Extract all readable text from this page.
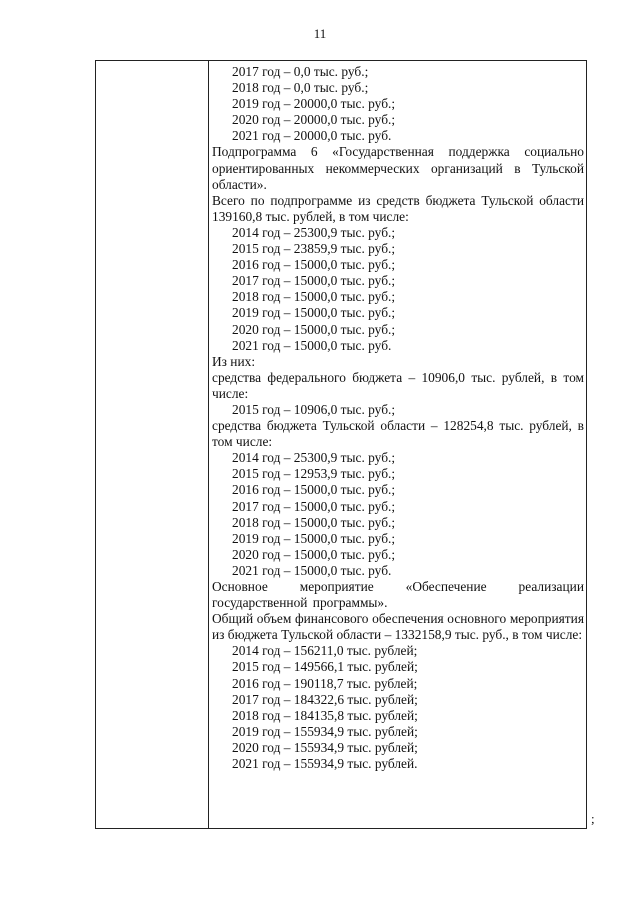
11
2017 год – 0,0 тыс. руб.;
2018 год – 0,0 тыс. руб.;
2019 год – 20000,0 тыс. руб.;
2020 год – 20000,0 тыс. руб.;
2021 год – 20000,0 тыс. руб.
Подпрограмма 6 «Государственная поддержка социально ориентированных некоммерческих организаций в Тульской области».
Всего по подпрограмме из средств бюджета Тульской области 139160,8 тыс. рублей, в том числе:
2014 год – 25300,9 тыс. руб.;
2015 год – 23859,9 тыс. руб.;
2016 год – 15000,0 тыс. руб.;
2017 год – 15000,0 тыс. руб.;
2018 год – 15000,0 тыс. руб.;
2019 год – 15000,0 тыс. руб.;
2020 год – 15000,0 тыс. руб.;
2021 год – 15000,0 тыс. руб.
Из них:
средства федерального бюджета – 10906,0 тыс. рублей, в том числе:
2015 год – 10906,0 тыс. руб.;
средства бюджета Тульской области – 128254,8 тыс. рублей, в том числе:
2014 год – 25300,9 тыс. руб.;
2015 год – 12953,9 тыс. руб.;
2016 год – 15000,0 тыс. руб.;
2017 год – 15000,0 тыс. руб.;
2018 год – 15000,0 тыс. руб.;
2019 год – 15000,0 тыс. руб.;
2020 год – 15000,0 тыс. руб.;
2021 год – 15000,0 тыс. руб.
Основное мероприятие «Обеспечение реализации государственной программы».
Общий объем финансового обеспечения основного мероприятия из бюджета Тульской области – 1332158,9 тыс. руб., в том числе:
2014 год – 156211,0 тыс. рублей;
2015 год – 149566,1 тыс. рублей;
2016 год – 190118,7 тыс. рублей;
2017 год – 184322,6 тыс. рублей;
2018 год – 184135,8 тыс. рублей;
2019 год – 155934,9 тыс. рублей;
2020 год – 155934,9 тыс. рублей;
2021 год – 155934,9 тыс. рублей.
;
